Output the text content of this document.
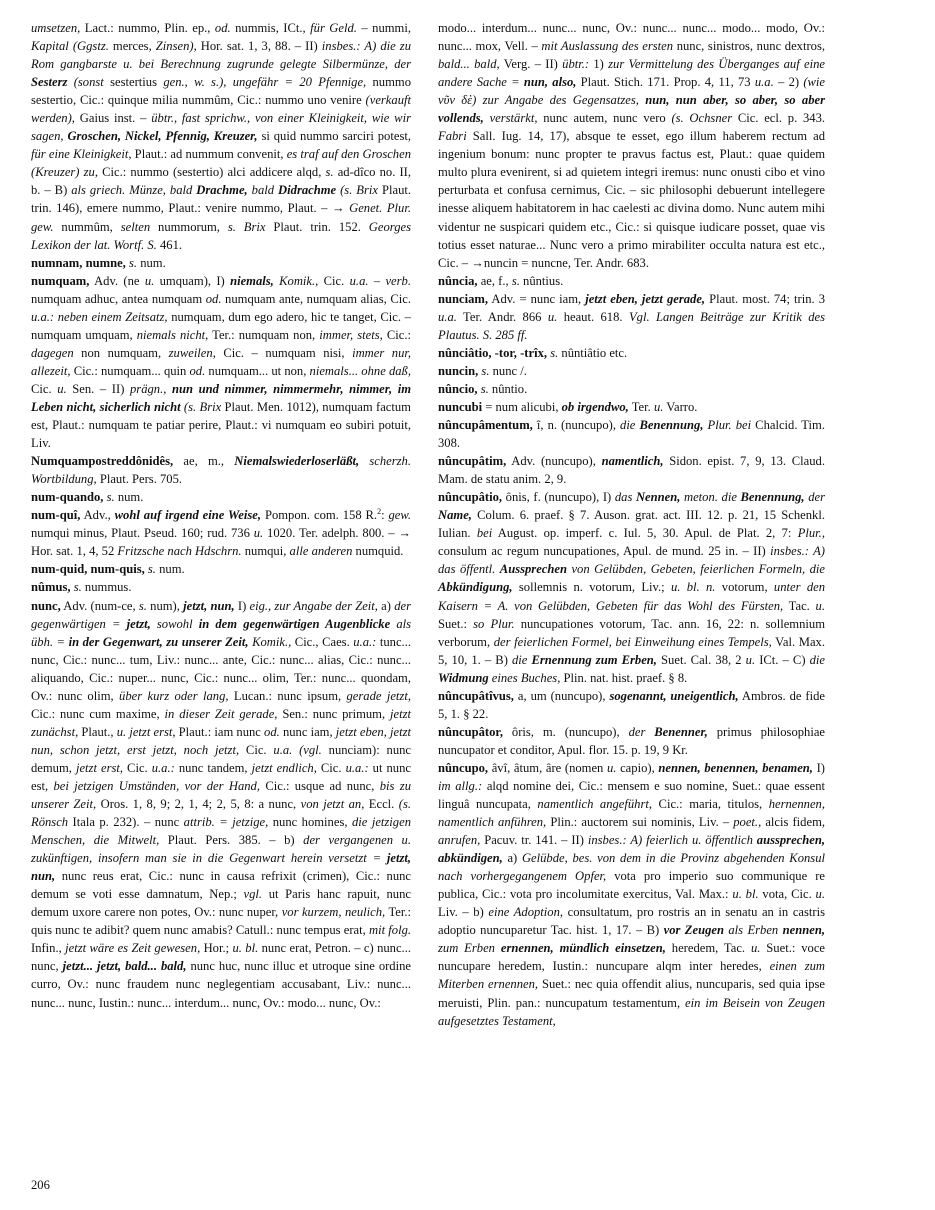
umsetzen, Lact.: nummo, Plin. ep., od. nummis, ICt., für Geld. – nummi, Kapital (Ggstz. merces, Zinsen), Hor. sat. 1, 3, 88. – II) insbes.: A) die zu Rom gangbarste u. bei Berechnung zugrunde gelegte Silbermünze, der Sesterz (sonst sestertius gen., w. s.), ungefähr = 20 Pfennige, nummo sestertio, Cic.: quinque milia nummûm, Cic.: nummo uno venire (verkauft werden), Gaius inst. – übtr., fast sprichw., von einer Kleinigkeit, wie wir sagen, Groschen, Nickel, Pfennig, Kreuzer, si quid nummo sarciri potest, für eine Kleinigkeit, Plaut.: ad nummum convenit, es traf auf den Groschen (Kreuzer) zu, Cic.: nummo (sestertio) alci addicere alqd, s. ad-dîco no. II, b. – B) als griech. Münze, bald Drachme, bald Didrachme (s. Brix Plaut. trin. 146), emere nummo, Plaut.: venire nummo, Plaut. – → Genet. Plur. gew. nummûm, selten nummorum, s. Brix Plaut. trin. 152. Georges Lexikon der lat. Wortf. S. 461.

numnam, numne, s. num.

numquam, Adv. (ne u. umquam), I) niemals, Komik., Cic. u.a. – verb. numquam adhuc, antea numquam od. numquam ante, numquam alias, Cic. u.a.: neben einem Zeitsatz, numquam, dum ego adero, hic te tanget, Cic. – numquam umquam, niemals nicht, Ter.: numquam non, immer, stets, Cic.: dagegen non numquam, zuweilen, Cic. – numquam nisi, immer nur, allezeit, Cic.: numquam... quin od. numquam... ut non, niemals... ohne daß, Cic. u. Sen. – II) prägn., nun und nimmer, nimmermehr, nimmer, im Leben nicht, sicherlich nicht (s. Brix Plaut. Men. 1012), numquam factum est, Plaut.: numquam te patiar perire, Plaut.: vi numquam eo subiri potuit, Liv.

Numquampostreddônidês, ae, m., Niemalswiederloserläßt, scherzh. Wortbildung, Plaut. Pers. 705.

num-quando, s. num.

num-quî, Adv., wohl auf irgend eine Weise, Pompon. com. 158 R.$^2$: gew. numqui minus, Plaut. Pseud. 160; rud. 736 u. 1020. Ter. adelph. 800. – → Hor. sat. 1, 4, 52 Fritzsche nach Hdschrn. numqui, alle anderen numquid.

num-quid, num-quis, s. num.

nûmus, s. nummus.

nunc, Adv. (num-ce, s. num), jetzt, nun, I) eig., zur Angabe der Zeit, a) der gegenwärtigen = jetzt, sowohl in dem gegenwärtigen Augenblicke als übh. = in der Gegenwart, zu unserer Zeit, Komik., Cic., Caes. u.a.: tunc... nunc, Cic.: nunc... tum, Liv.: nunc... ante, Cic.: nunc... alias, Cic.: nunc... aliquando, Cic.: nuper... nunc, Cic.: nunc... olim, Ter.: nunc... quondam, Ov.: nunc olim, über kurz oder lang, Lucan.: nunc ipsum, gerade jetzt, Cic.: nunc cum maxime, in dieser Zeit gerade, Sen.: nunc primum, jetzt zunächst, Plaut., u. jetzt erst, Plaut.: iam nunc od. nunc iam, jetzt eben, jetzt nun, schon jetzt, erst jetzt, noch jetzt, Cic. u.a. (vgl. nunciam): nunc demum, jetzt erst, Cic. u.a.: nunc tandem, jetzt endlich, Cic. u.a.: ut nunc est, bei jetzigen Umständen, vor der Hand, Cic.: usque ad nunc, bis zu unserer Zeit, Oros. 1, 8, 9; 2, 1, 4; 2, 5, 8: a nunc, von jetzt an, Eccl. (s. Rönsch Itala p. 232). – nunc attrib. = jetzige, nunc homines, die jetzigen Menschen, die Mitwelt, Plaut. Pers. 385. – b) der vergangenen u. zukünftigen, insofern man sie in die Gegenwart herein versetzt = jetzt, nun, nunc reus erat, Cic.: nunc in causa refrixit (crimen), Cic.: nunc demum se voti esse damnatum, Nep.; vgl. ut Paris hanc rapuit, nunc demum uxore carere non potes, Ov.: nunc nuper, vor kurzem, neulich, Ter.: quis nunc te adibit? quem nunc amabis? Catull.: nunc tempus erat, mit folg. Infin., jetzt wäre es Zeit gewesen, Hor.; u. bl. nunc erat, Petron. – c) nunc... nunc, jetzt... jetzt, bald... bald, nunc huc, nunc illuc et utroque sine ordine curro, Ov.: nunc fraudem nunc neglegentiam accusabant, Liv.: nunc... nunc... nunc, Iustin.: nunc... interdum... nunc, Ov.: modo... nunc, Ov.:

modo... interdum... nunc... nunc, Ov.: nunc... nunc... modo... modo, Ov.: nunc... mox, Vell. – mit Auslassung des ersten nunc, sinistros, nunc dextros, bald... bald, Verg. – II) übtr.: 1) zur Vermittelung des Überganges auf eine andere Sache = nun, also, Plaut. Stich. 171. Prop. 4, 11, 73 u.a. – 2) (wie νῦν δὲ) zur Angabe des Gegensatzes, nun, nun aber, so aber, so aber vollends, verstärkt, nunc autem, nunc vero (s. Ochsner Cic. ecl. p. 343. Fabri Sall. Iug. 14, 17), absque te esset, ego illum haberem rectum ad ingenium bonum: nunc propter te pravus factus est, Plaut.: quae quidem multo plura evenirent, si ad quietem integri iremus: nunc onusti cibo et vino perturbata et confusa cernimus, Cic. – sic philosophi debuerunt intellegere inesse aliquem habitatorem in hac caelesti ac divina domo. Nunc autem mihi videntur ne suspicari quidem etc., Cic.: si quisque iudicare posset, quae vis totius esset naturae... Nunc vero a primo mirabiliter occulta natura est etc., Cic. – →nuncin = nuncne, Ter. Andr. 683.

nûncia, ae, f., s. nûntius.

nunciam, Adv. = nunc iam, jetzt eben, jetzt gerade, Plaut. most. 74; trin. 3 u.a. Ter. Andr. 866 u. heaut. 618. Vgl. Langen Beiträge zur Kritik des Plautus. S. 285 ff.

nûnciâtio, -tor, -trîx, s. nûntiâtio etc.

nuncin, s. nunc /.

nûncio, s. nûntio.

nuncubi = num alicubi, ob irgendwo, Ter. u. Varro.

nûncupâmentum, î, n. (nuncupo), die Benennung, Plur. bei Chalcid. Tim. 308.

nûncupâtim, Adv. (nuncupo), namentlich, Sidon. epist. 7, 9, 13. Claud. Mam. de statu anim. 2, 9.

nûncupâtio, ônis, f. (nuncupo), I) das Nennen, meton. die Benennung, der Name, Colum. 6. praef. § 7. Auson. grat. act. III. 12. p. 21, 15 Schenkl. Iulian. bei August. op. imperf. c. Iul. 5, 30. Apul. de Plat. 2, 7: Plur., consulum ac regum nuncupationes, Apul. de mund. 25 in. – II) insbes.: A) das öffentl. Aussprechen von Gelübden, Gebeten, feierlichen Formeln, die Abkündigung, sollemnis n. votorum, Liv.; u. bl. n. votorum, unter den Kaisern = A. von Gelübden, Gebeten für das Wohl des Fürsten, Tac. u. Suet.: so Plur. nuncupationes votorum, Tac. ann. 16, 22: n. sollemnium verborum, der feierlichen Formel, bei Einweihung eines Tempels, Val. Max. 5, 10, 1. – B) die Ernennung zum Erben, Suet. Cal. 38, 2 u. ICt. – C) die Widmung eines Buches, Plin. nat. hist. praef. § 8.

nûncupâtîvus, a, um (nuncupo), sogenannt, uneigentlich, Ambros. de fide 5, 1. § 22.

nûncupâtor, ôris, m. (nuncupo), der Benenner, primus philosophiae nuncupator et conditor, Apul. flor. 15. p. 19, 9 Kr.

nûncupo, âvî, âtum, âre (nomen u. capio), nennen, benennen, benamen, I) im allg.: alqd nomine dei, Cic.: mensem e suo nomine, Suet.: quae essent linguâ nuncupata, namentlich angeführt, Cic.: maria, titulos, hernennen, namentlich anführen, Plin.: auctorem sui nominis, Liv. – poet., alcis fidem, anrufen, Pacuv. tr. 141. – II) insbes.: A) feierlich u. öffentlich aussprechen, abkündigen, a) Gelübde, bes. von dem in die Provinz abgehenden Konsul nach vorhergegangenem Opfer, vota pro imperio suo communique re publica, Cic.: vota pro incolumitate exercitus, Val. Max.: u. bl. vota, Cic. u. Liv. – b) eine Adoption, consultatum, pro rostris an in senatu an in castris adoptio nuncuparetur Tac. hist. 1, 17. – B) vor Zeugen als Erben nennen, zum Erben ernennen, mündlich einsetzen, heredem, Tac. u. Suet.: voce nuncupare heredem, Iustin.: nuncupare alqm inter heredes, einen zum Miterben ernennen, Suet.: nec quia offendit alius, nuncuparis, sed quia ipse meruisti, Plin. pan.: nuncupatum testamentum, ein im Beisein von Zeugen aufgesetztes Testament,

206
